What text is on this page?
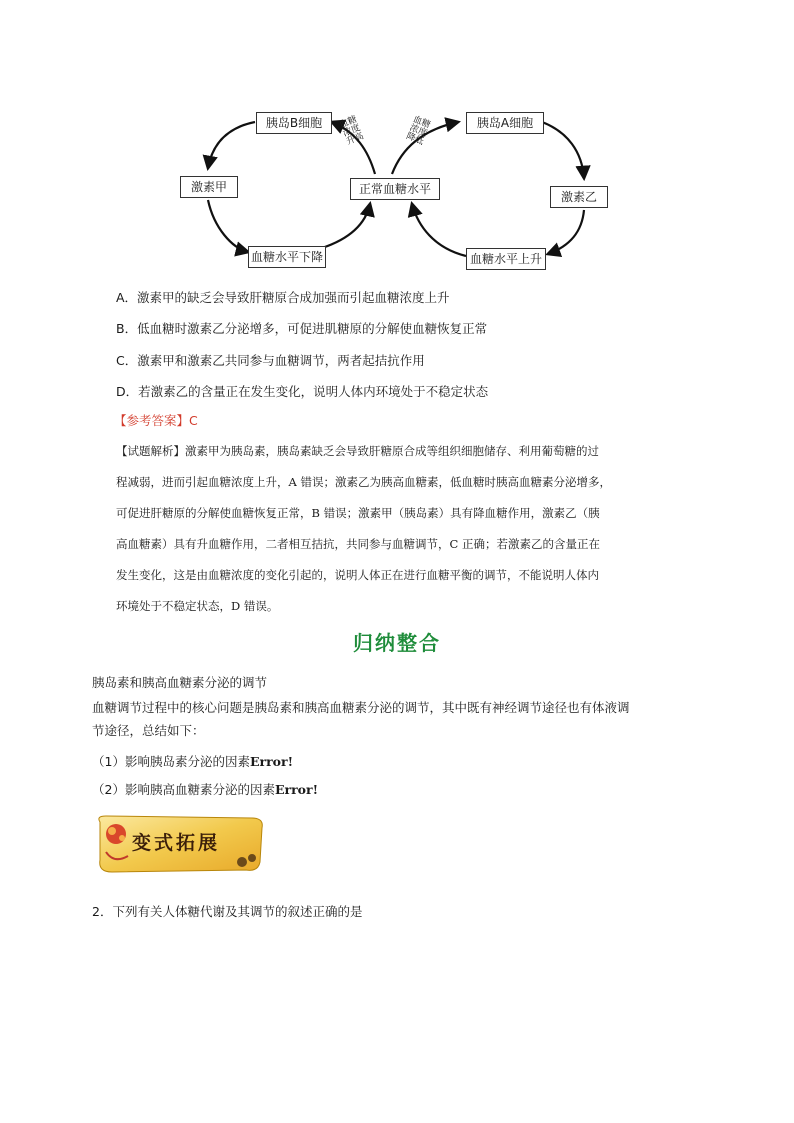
胰岛B细胞	胰岛A细胞
激素甲
激素乙
正常血糖水平
血糖水平下降	血糖水平上升
血糖浓度升高
血糖浓度降低
A．激素甲的缺乏会导致肝糖原合成加强而引起血糖浓度上升
B．低血糖时激素乙分泌增多，可促进肌糖原的分解使血糖恢复正常
C．激素甲和激素乙共同参与血糖调节，两者起拮抗作用
D．若激素乙的含量正在发生变化，说明人体内环境处于不稳定状态
【参考答案】C
【试题解析】激素甲为胰岛素，胰岛素缺乏会导致肝糖原合成等组织细胞储存、利用葡萄糖的过
程减弱，进而引起血糖浓度上升，A 错误；激素乙为胰高血糖素，低血糖时胰高血糖素分泌增多，
可促进肝糖原的分解使血糖恢复正常，B 错误；激素甲（胰岛素）具有降血糖作用，激素乙（胰
高血糖素）具有升血糖作用，二者相互拮抗，共同参与血糖调节，C 正确；若激素乙的含量正在
发生变化，这是由血糖浓度的变化引起的，说明人体正在进行血糖平衡的调节，不能说明人体内
环境处于不稳定状态，D 错误。
归纳整合
胰岛素和胰高血糖素分泌的调节
血糖调节过程中的核心问题是胰岛素和胰高血糖素分泌的调节，其中既有神经调节途径也有体液调
节途径，总结如下：
（1）影响胰岛素分泌的因素Error!
（2）影响胰高血糖素分泌的因素Error!
变式拓展
2．下列有关人体糖代谢及其调节的叙述正确的是
